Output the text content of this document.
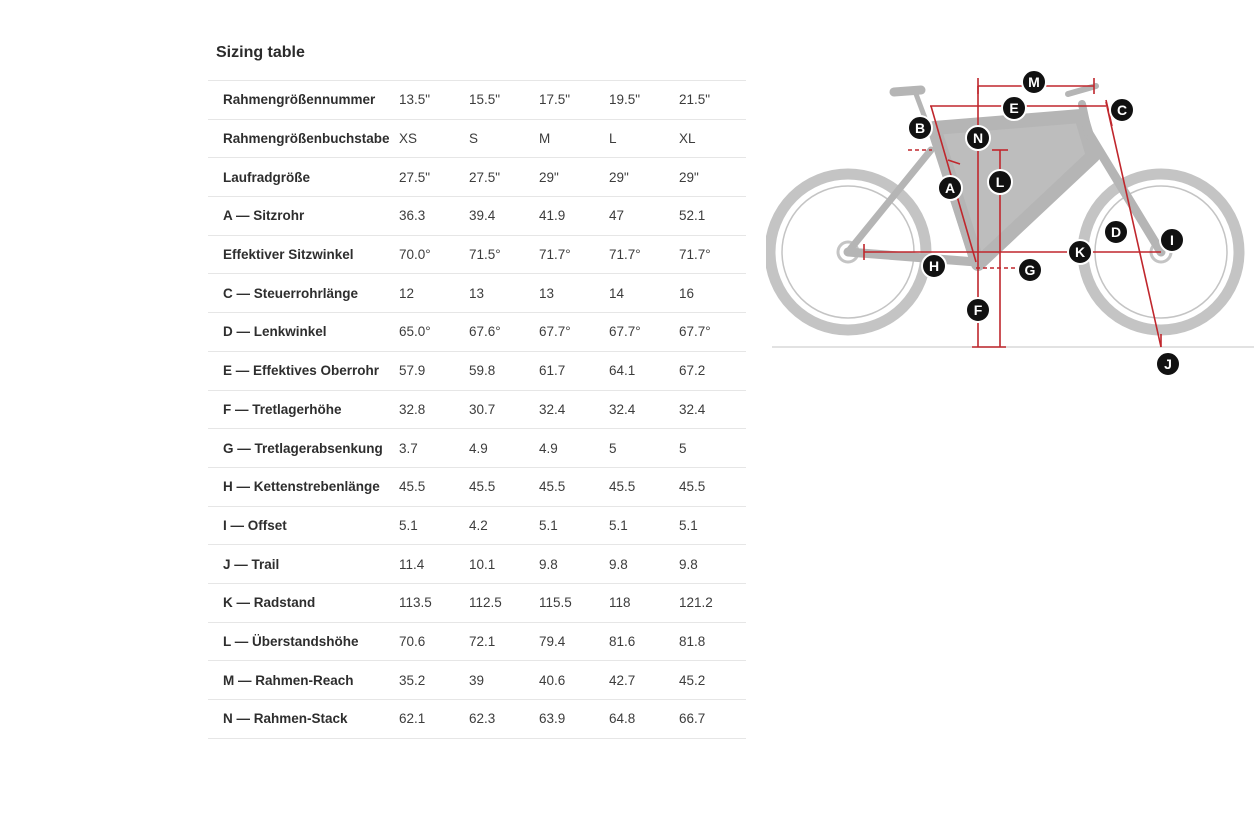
Sizing table
Rahmengrößennummer	13.5"	15.5"	17.5"	19.5"	21.5"
Rahmengrößenbuchstabe XS	S	M	L	XL
Laufradgröße	27.5"	27.5"	29"	29"	29"
A — Sitzrohr	36.3	39.4	41.9	47	52.1
Effektiver Sitzwinkel	70.0°	71.5°	71.7°	71.7°	71.7°
C — Steuerrohrlänge	12	13	13	14	16
D — Lenkwinkel	65.0°	67.6°	67.7°	67.7°	67.7°
E — Effektives Oberrohr	57.9	59.8	61.7	64.1	67.2
F — Tretlagerhöhe	32.8	30.7	32.4	32.4	32.4
G — Tretlagerabsenkung	3.7	4.9	4.9	5	5
H — Kettenstrebenlänge	45.5	45.5	45.5	45.5	45.5
I — Offset	5.1	4.2	5.1	5.1	5.1
J — Trail	11.4	10.1	9.8	9.8	9.8
K — Radstand	113.5	112.5	115.5	118	121.2
L — Überstandshöhe	70.6	72.1	79.4	81.6	81.8
M — Rahmen-Reach	35.2	39	40.6	42.7	45.2
N — Rahmen-Stack	62.1	62.3	63.9	64.8	66.7
A
B
C
D
E
F
G
H
I
J
K
L
M
N
